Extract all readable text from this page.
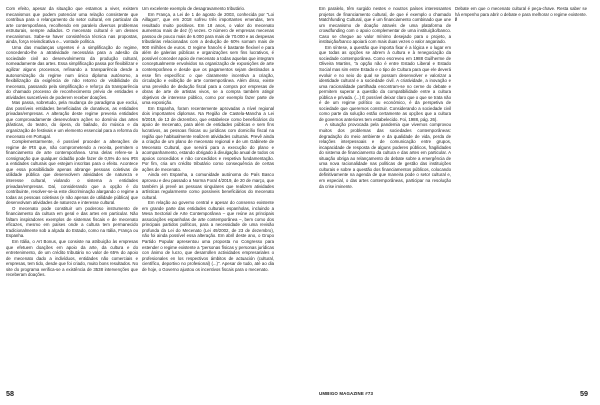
Com efeito, apesar da situação que estamos a viver, existem mecanismos que podem potenciar uma relação consistente que contribua para o relançamento do setor cultural, em particular da arte contemporânea, recolhendo em paralelo diversos problemas estruturais, sempre adiados. O mecenato cultural é um desses mecanismos. Sabe-se haver consistência técnica nas propostas, ainda, força reivindicativa e... vontade política.

Uma das mudanças urgentes é a simplificação do regime, concedendo-lhe a atratividade necessária para a adesão da sociedade civil ao desenvolvimento da produção cultural, nomeadamente das artes. Essa simplificação passa por flexibilizar e agilizar alguns processos, refinando a transparência desde a autonomização do regime num único diploma autónomo, a flexibilização da exigência de não retorno de visibilidade do mecenato, passando pela simplificação e reforço da transparência do chamado processo de reconhecimento prévio de entidades e atividades suscetíveis de poderem receber doações.

Mas passa, sobretudo, pela mudança de paradigma que exclui, das possíveis entidades beneficiadas de donativos, as entidades privadas/empresas. A alteração deste regime preveria entidades que comprovadamente desenvolvam ações no domínio das artes plásticas, do teatro, do ópera, do bailado, do música e da organização de festivais e um elemento essencial para a reforma do mecenato em Portugal.

Complementarmente, é possível proceder a alterações de regime de IRS que, não comprometendo a receita, permitem o financiamento de arte contemporânea. Uma delas refere-se à consignação que qualquer cidadão pode fazer de 0,5% do seu IRS a entidades culturais que estejam inscritas para o efeito. Acontece que essa possibilidade apenas abrange pessoas coletivas de utilidade pública que desenvolvem atividades de natureza e interesse cultural, violando o sistema a entidades privadas/empresas. Daí, considerando que a opção é do contribuinte, resolver-se-ia este discriminação alargando o regime a todas as pessoas coletivas (e não apenas de utilidade pública) que desenvolvam atividades de natureza e interesse cultural.

O mecenato pode constituir um poderoso instrumento de financiamento da cultura em geral e das artes em particular. Não faltam inspiradores exemplos de sistemas fiscais e de mecenato eficazes, mesmo em países onde a cultura tem permanecido tradicionalmente sob a alçada do Estado, como na Itália, França ou Espanha.

Em Itália, o Art Bonus, que consiste na atribuição às empresas que efetuem doações em apoio da arte, da cultura e do entretenimento, de um crédito tributário no valor de 65% do apoio de mecenato dado a indivíduos, entidades não comerciais e empresas, tem tido, desde que foi criado, muito bons resultados. No site do programa verifica-se a existência de 3538 intervenções que receberam doações.

Um excelente exemplo de desagravamento tributário.

Em França, a Lei de 1 de agosto de 2003, conhecida por "Loi Aillagon", que em 2018 sofreu três importantes emendas, tem resultado muito positivos. Em 18 anos, o valor do mecenato aumentou mais de dez (!) vezes. O número de empresas mecenas passou de pouco mais de 6.000 para mais de 70.000 e as despesas tributárias relacionadas com a dedução de 60% somam mais de 900 milhões de euros. O regime francês é bastante flexível e para além de galerias públicas e organizações sem fins lucrativos, é possível conceder apoio de mecenato a todas aquelas que integram conceptualmente envolvidos na organização de exposições de arte contemporânea e desde que os pagamentos sejam destinados a esse fim específico: o que claramente incentiva a criação, circulação e exibição de arte contemporânea. Além disso, existe uma previsão de dedução fiscal para a compra por empresas de obras de arte de artistas vivos, se a compra também atingir objetivos de interesse público, como por exemplo fazer parte de uma exposição.

Em Espanha, foram recentemente aprovadas a nível regional dois importantes diplomas. Na Região de Castela-Mancha a Lei 9/2019, de 13 de dezembro, que estabelece como beneficiários do apoio de mecenato, para além de entidades públicas e sem fins lucrativos, as pessoas físicas ou jurídicas com domicílio fiscal na região que habitualmente realizem atividades culturais. Prevê ainda a criação de um plano de mecenato regional e de um Gabinete de Mecenato Cultural, que servirá para a execução do plano e acompanhamento, estando obrigado à divulgação anual de todos os apoios concedidos e não concedidos e respetiva fundamentação. Por fim, cria um crédito tributário como consequência de certas ações de mecenato.

Ainda em Espanha, a comunidade autónoma do País Basco aprovou e deu passado a Norma Foral 4/2019, de 20 de março, que também já prevê as pessoas singulares que realizem atividades artísticas regularmente como possíveis beneficiários do mecenato cultural.

Em relação ao governo central e apesar do consenso existente em grande parte das entidades culturais espanholas, incluindo a Mesa Sectorial de Arte Contemporânea – que reúne as principais associações espanholas de arte contemporânea –, bem como dos principais partidos políticos, para a necessidade de uma revisão profunda da Lei do Mecenato (Lei 49/2002, de 23 de dezembro), não foi ainda possível essa alteração. Em abril deste ano, o Grupo Partido Popular apresentou uma proposta no Congresso para estender o regime existente a "personas físicas y personas jurídicas con ánimo de lucro, que desarrollen actividades empresariales o profesionales en los respectivos ámbitos de actuación (cultural, científico, deportivo no profesional) (...)". Apesar de tudo, até ao dia de hoje, o Governo ajustou os incentivos fiscais para o mecenato.

Em paralelo, têm surgido nestes e noutros países interessantes projetos de financiamento cultural, de que é exemplo o chamado Matchfunding Cultural, que é um financiamento combinado que une um mecanismo de doação através de uma plataforma de crowdfunding com o apoio complementar de uma instituição/banco. Caso se chegue ao valor mínimo desejado para o projeto, a instituição/banco apoiará com mais duas vezes o valor angariado.

Em síntese, a questão que importa fixar é a lógica e o lugar em que todas as opções se abrem à cultura e à renegociação da sociedade contemporânea. Como escreveu em 1988 Guilherme de Oliveira Martins, "a opção não é entre Estado Liberal e Estado Social mas sim entre Estado e o tipo de Cultura para que ele deverá evoluir e no seio do qual se possam desenvolver e valorizar a identidade cultural e a sociedade civil. A criatividade, a inovação e uma racionalidade partilhada encontram-se no cerne do debate e permitem superar a questão da compatibilidade entre a cultura pública e privada. (...) É possível deixar claro que o que se trata não é de um regime político ou económico, é da perspetiva de sociedade que queremos construir. Considerando a sociedade civil como parte da solução estão certamente as opções que a cultura de governos anteriores tem estabelecido. Foi, 1988, pág. 26).

A situação provocada pela pandemia que vivemos comprovou muitos dos problemas das sociedades contemporâneas: degradação do meio ambiente e da qualidade de vida, perda de relações interpessoais e de comunicação entre grupos, incapacidade de resposta de alguns poderes públicos, fragilidades do sistema de financiamento da cultura e das artes em particular. A situação obriga ao relançamento do debate sobre a emergência de uma nova racionalidade nas políticas de gestão das instituições culturais e sobre a questão dos financiamentos públicos, colocando definitivamente na agenda de que maneira pode o setor cultural e, em especial, o das artes contemporâneas, participar na resolução da crise iminente.

Debate em que o mecenato cultural é peça-chave. Resta saber se há empenho para abrir o debate e para melhorar o regime existente. //

58	UMBIGO MAGAZINE #73	59
